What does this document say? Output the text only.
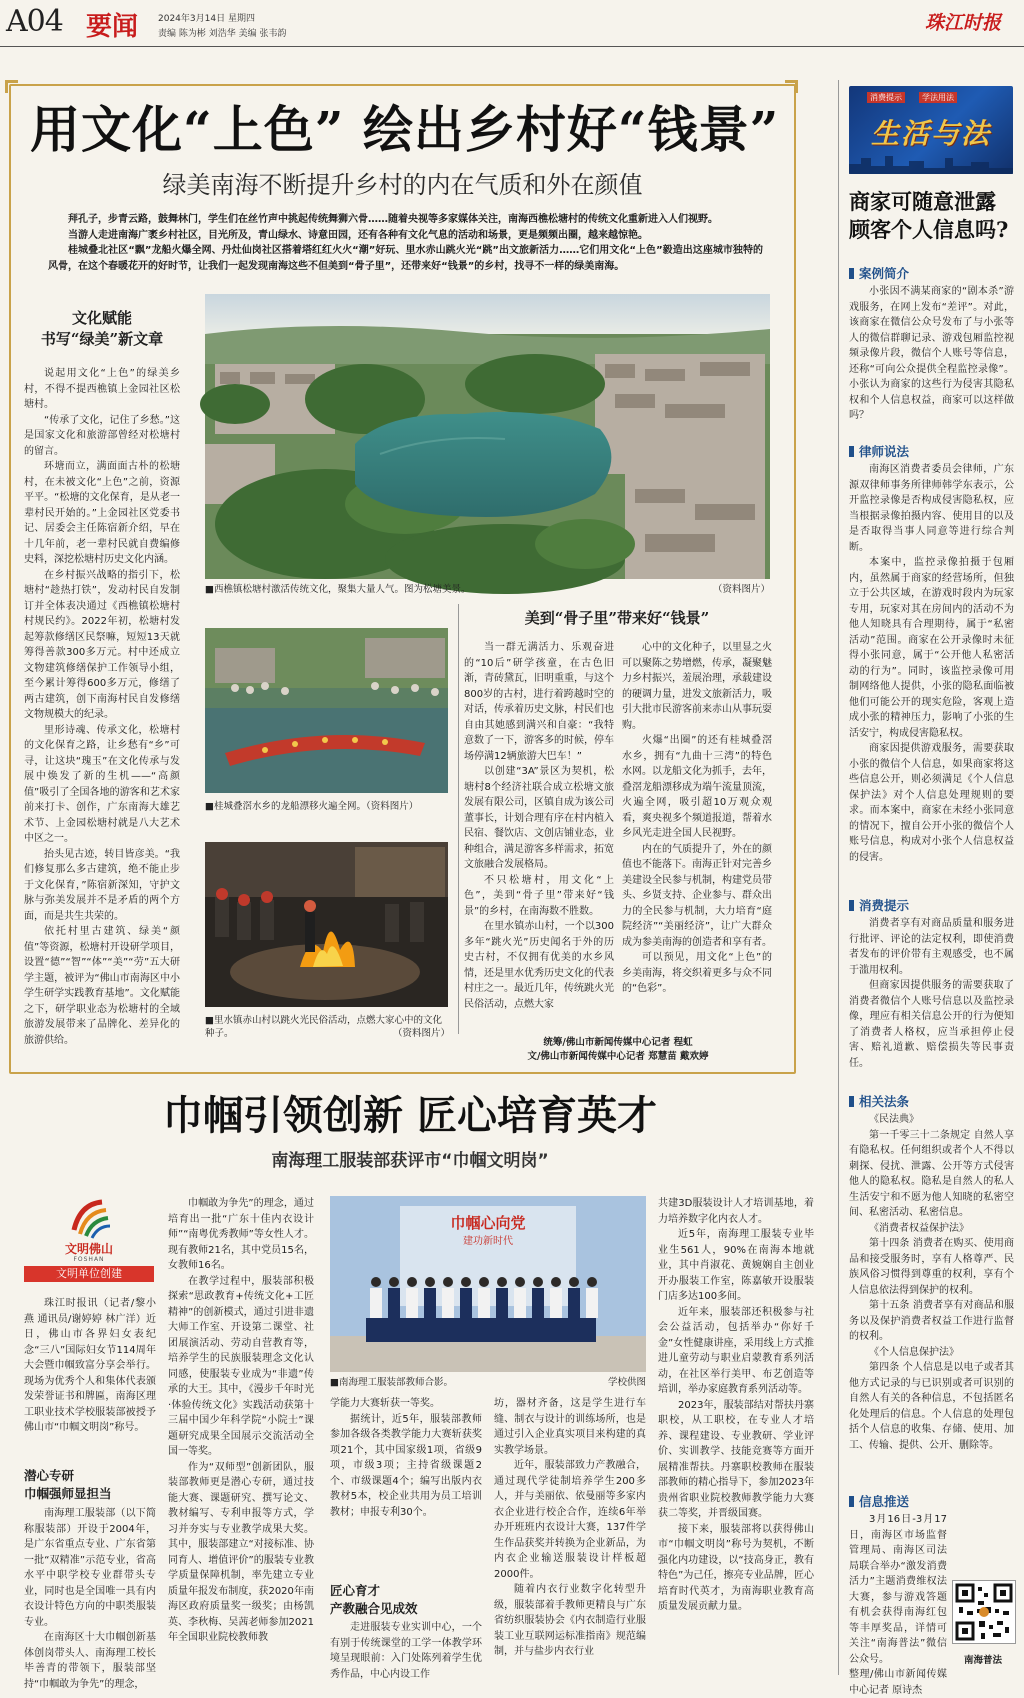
A04 要闻 2024年3月14日 星期四
责编 陈为彬 刘浩华 美编 张韦韵	珠江时报
用文化“上色” 绘出乡村好“钱景”
绿美南海不断提升乡村的内在气质和外在颜值

拜孔子，步青云路，鼓舞林门，学生们在丝竹声中挑起传统舞狮六骨……随着央视等多家媒体关注，南海西樵松塘村的传统文化重新进入人们视野。

当游人走进南海广袤乡村社区，目光所及，青山绿水、诗意田园，还有各种有文化气息的活动和场景，更是频频出圈，越来越惊艳。

桂城叠北社区“飘”龙船火爆全网、丹灶仙岗社区搭着塔红红火火“潮”好玩、里水赤山跳火光“跳”出文旅新活力……它们用文化“上色”毅造出这座城市独特的风骨，在这个春暖花开的好时节，让我们一起发现南海这些不但美到“骨子里”，还带来好“钱景”的乡村，找寻不一样的绿美南海。

文化赋能
书写“绿美”新文章

说起用文化“上色”的绿美乡村，不得不提西樵镇上金园社区松塘村。

“传承了文化，记住了乡愁。”这是国家文化和旅游部曾经对松塘村的留言。

环塘而立，满面面古朴的松塘村，在未被文化“上色”之前，资源平平。“松塘的文化保育，是从老一辈村民开始的。”上金园社区党委书记、居委会主任陈宿新介绍，早在十几年前，老一辈村民就自费编修史料，深挖松塘村历史文化内涵。

在乡村振兴战略的指引下，松塘村“趁热打铁”，发动村民自发制订并全体表决通过《西樵镇松塘村村规民约》。2022年初，松塘村发起筹款修缮区民祭嘛，短短13天就筹得善款300多万元。村中还成立文物建筑修缮保护工作领导小组，至今累计筹得600多万元，修缮了两古建筑，创下南海村民自发修缮文物规模大的纪录。

里形诗魂、传承文化，松塘村的文化保育之路，让乡愁有“乡”可寻，让这块“瑰玉”在文化传承与发展中焕发了新的生机——“高颜值”吸引了全国各地的游客和艺术家前来打卡、创作，广东南海大雄艺术节、上金园松塘村就是八大艺术中区之一。

抬头见古迹，转目皆彦美。“我们修复那么多古建筑，绝不能止步于文化保育，”陈宿新深知，守护文脉与弥美发展并不是矛盾的两个方面，而是共生共荣的。

依托村里古建筑、绿美“颜值”等资源，松塘村开设研学项目，设置“德”“智”“体”“美”“劳”五大研学主题，被评为“佛山市南海区中小学生研学实践教育基地”。文化赋能之下，研学职业态为松塘村的全域旅游发展带来了品牌化、差异化的旅游供给。

■西樵镇松塘村激活传统文化，聚集大量人气。图为松塘美景。	（资料图片）
■桂城叠滘水乡的龙船漂移火遍全网。（资料图片）
■里水镇赤山村以跳火光民俗活动，点燃大家心中的文化种子。	（资料图片）
美到“骨子里”带来好“钱景”

当一群无满活力、乐观奋进的“10后”研学孩童，在古色旧渐，青砖黛瓦，旧明重重，与这个800岁的古村，进行着跨越时空的对话，传承着历史文脉，村民们也自由其她感到满兴和自豪：“我特意数了一下，游客多的时候，停车场停满12辆旅游大巴车！”

以创建“3A”景区为契机，松塘村8个经济社联合成立松塘文旅发展有限公司，区镇自成为该公司董事长，计划合理有序在村内植入民宿、餐饮店、文创店铺业态，业种组合，满足游客多样需求，拓宽文旅融合发展格局。

不只松塘村，用文化“上色”，美到“骨子里”带来好“钱景”的乡村，在南海数不胜数。

在里水镇赤山村，一个以300多年“跳火光”历史闻名于外的历史古村，不仅拥有优美的水乡风情，还是里水优秀历史文化的代表村庄之一。最近几年，传统跳火光民俗活动，点燃大家

心中的文化种子，以里显之火可以聚陈之势增燃，传承，凝聚魅力乡村振兴，羞展治理，承载建设的硬调力量，进发文旅新活力，吸引大批市民游客前来赤山从事玩耍购。

火爆“出圈”的还有桂城叠滘水乡，拥有“九曲十三湾”的特色水网。以龙船文化为抓手，去年，叠滘龙船漂移成为端午流量顶流，火遍全网，吸引超10万观众观看，爽央视多个频道报道，帮着水乡风光走进全国人民视野。

内在的气质提升了，外在的颜值也不能落下。南海正针对完善乡美建设全民参与机制，构建党员带头、乡贤支持、企业参与、群众出力的全民参与机制，大力培育“庭院经济”“美丽经济”，让广大群众成为参美南海的创造者和享有者。

可以预见，用文化“上色”的乡美南海，将交织着更多与众不同的“色彩”。

统筹/佛山市新闻传媒中心记者 程虹
文/佛山市新闻传媒中心记者 郑慧苗 戴欢婷
消费提示	学法用法
生活与法
商家可随意泄露
顾客个人信息吗?
案例简介

小张因不满某商家的“剧本杀”游戏服务，在网上发布“差评”。对此，该商家在微信公众号发布了与小张等人的微信群聊记录、游戏包厢监控视频录像片段，微信个人账号等信息，还称“可向公众提供全程监控录像”。小张认为商家的这些行为侵害其隐私权和个人信息权益，商家可以这样做吗？

律师说法

南海区消费者委员会律师，广东源双律师事务所律师韩学东表示，公开监控录像是否构成侵害隐私权，应当根据录像拍摄内容、使用目的以及是否取得当事人同意等进行综合判断。

本案中，监控录像拍摄于包厢内，虽然属于商家的经营场所，但独立于公共区域，在游戏时段内为玩家专用，玩家对其在房间内的活动不为他人知晓具有合理期待，属于“私密活动”范围。商家在公开录像时未征得小张同意，属于“公开他人私密活动的行为”。同时，该监控录像可用制网络他人提供，小张的隐私面临被他们可能公开的现实危险，客观上造成小张的精神压力，影响了小张的生活安宁，构成侵害隐私权。

商家因提供游戏服务，需要获取小张的微信个人信息，如果商家将这些信息公开，则必须满足《个人信息保护法》对个人信息处理规则的要求。而本案中，商家在未经小张同意的情况下，擅自公开小张的微信个人账号信息，构成对小张个人信息权益的侵害。

消费提示

消费者享有对商品质量和服务进行批评、评论的法定权利，即使消费者发布的评价带有主观感受，也不属于滥用权利。

但商家因提供服务的需要获取了消费者微信个人账号信息以及监控录像，理应有相关信息公开的行为便知了消费者人格权，应当承担停止侵害、赔礼道歉、赔偿损失等民事责任。

相关法条

《民法典》

第一千零三十二条规定 自然人享有隐私权。任何组织或者个人不得以刺探、侵扰、泄露、公开等方式侵害他人的隐私权。隐私是自然人的私人生活安宁和不愿为他人知晓的私密空间、私密活动、私密信息。

《消费者权益保护法》

第十四条 消费者在购买、使用商品和接受服务时，享有人格尊严、民族风俗习惯得到尊重的权利，享有个人信息依法得到保护的权利。

第十五条 消费者享有对商品和服务以及保护消费者权益工作进行监督的权利。

《个人信息保护法》

第四条 个人信息是以电子或者其他方式记录的与已识别或者可识别的自然人有关的各种信息，不包括匿名化处理后的信息。个人信息的处理包括个人信息的收集、存储、使用、加工、传输、提供、公开、删除等。

信息推送

3月16日-3月17日，南海区市场监督管理局、南海区司法局联合举办“激发消费活力”主题消费维权法大赛，参与游戏答题有机会获得南海红包等丰厚奖品，详情可关注“南海普法”微信公众号。

整理/佛山市新闻传媒中心记者 原诗杰

南海普法
巾帼引领创新 匠心培育英才
南海理工服装部获评市“巾帼文明岗”
文明佛山
FOSHAN
文明单位创建

珠江时报讯（记者/黎小燕 通讯员/谢婷婷 林广洋）近日，佛山市各界妇女表纪念“三八”国际妇女节114周年大会暨巾帼致富分享会举行。现场为优秀个人和集体代表颁发荣誉证书和牌匾，南海区理工职业技术学校服装部被授予佛山市“巾帼文明岗”称号。

潜心专研
巾帼强师显担当

南海理工服装部（以下简称服装部）开设于2004年，是广东省重点专业、广东省第一批“双精准”示范专业，省高水平中职学校专业群带头专业，同时也是全国唯一具有内衣设计特色方向的中职类服装专业。

在南海区十大巾帼创新基体创岗带头人、南海理工校长毕善青的带领下，服装部坚持“巾帼敢为争先”的理念，

巾帼敢为争先”的理念，通过培育出一批“广东十佳内衣设计师”“南粤优秀教师”等女性人才。现有教师21名，其中党员15名，女教师16名。

在教学过程中，服装部积极探索“思政教育+传统文化+工匠精神”的创新模式，通过引进非遗大师工作室、开设第二课堂、社团展演活动、劳动自营教育等，培养学生的民族服装理念文化认同感，使服装专业成为“非遗”传承的大王。其中，《漫步千年时光·体验传统文化》实践活动获第十三届中国少年科学院“小院士”课题研究成果全国展示交流活动全国一等奖。

作为“双师型”创新团队，服装部教师更是潜心专研，通过技能大赛、课题研究、撰写论文、教材编写、专利申报等方式，学习并夯实与专业教学成果大奖。其中，服装部建立“对接标准、协同育人、增值评价”的服装专业教学质量保障机制，率先建立专业质量年报发布制度，获2020年南海区政府质量奖一级奖；由杨凯英、李秋梅、吴茜老师参加2021年全国职业院校教师教

巾帼心向党
建功新时代
■南海理工服装部教师合影。	学校供图

学能力大赛斩获一等奖。

据统计，近5年，服装部教师参加各级各类教学能力大赛斩获奖项21个，其中国家级1项，省级9项，市级3项；主持省级课题2个、市级课题4个；编写出版内衣教材5本，校企业共用为员工培训教材；申报专利30个。

匠心育才
产教融合见成效

走进服装专业实训中心，一个有别于传统课堂的工学一体教学环境呈现眼前：入门处陈列着学生优秀作品，中心内设工作

坊，器材齐备，这是学生进行车缝、制衣与设计的训练场所，也是通过引入企业真实项目来构建的真实教学场景。

近年，服装部致力产教融合，通过现代学徒制培养学生200多人，并与美丽依、依曼丽等多家内衣企业进行校企合作，连续6年举办开班班内衣设计大赛，137件学生作品获奖并转换为企业新品，为内衣企业输送服装设计样板超2000件。

随着内衣行业数字化转型升级，服装部着手教师更精良与广东省纺织服装协会《内衣制造行业服装工业互联网运标准指南》规范编制，并与盐步内衣行业

共建3D服装设计人才培训基地，着力培养数字化内衣人才。

近5年，南海理工服装专业毕业生561人，90%在南海本地就业，其中肖淑花、黄婉娴自主创业开办服装工作室，陈嘉敏开设服装门店多达100多间。

近年来，服装部还积极参与社会公益活动，包括举办“你好千金”女性健康讲座，采用线上方式推进儿童劳动与职业启蒙教育系列活动，在社区举行美甲、布艺创造等培训，举办家庭教育系列活动等。

2023年，服装部结对帮扶丹寨职校，从工职校，在专业人才培养、课程建设、专业教研、学业评价、实训教学、技能竞赛等方面开展精准帮扶。丹寨职校教师在服装部教师的精心指导下，参加2023年贵州省职业院校教师教学能力大赛获二等奖，并晋级国赛。

接下来，服装部将以获得佛山市“巾帼文明岗”称号为契机，不断强化内功建设，以“技高身正，教有特色”为己任，擦亮专业品牌，匠心培育时代英才，为南海职业教育高质量发展贡献力量。
